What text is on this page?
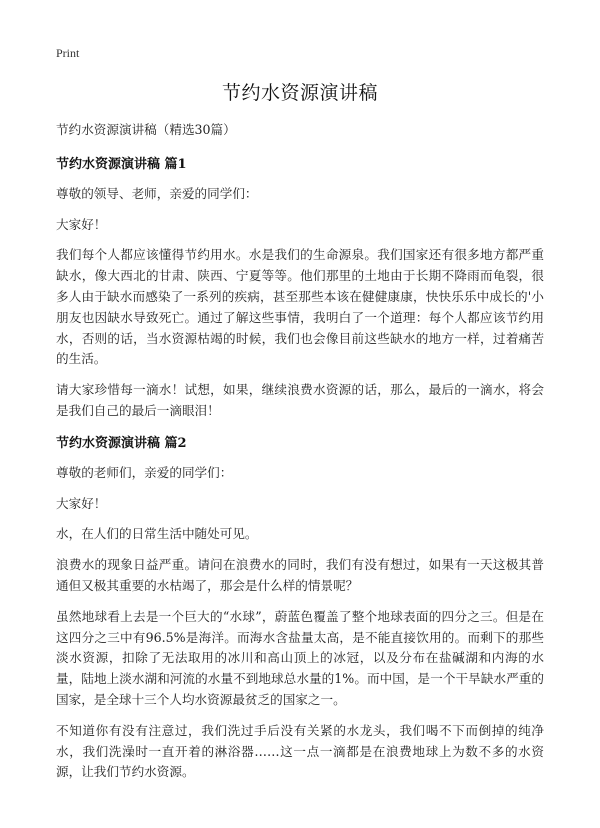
Print
节约水资源演讲稿

节约水资源演讲稿（精选30篇）

节约水资源演讲稿 篇1

尊敬的领导、老师，亲爱的同学们：

大家好！

我们每个人都应该懂得节约用水。水是我们的生命源泉。我们国家还有很多地方都严重缺水，像大西北的甘肃、陕西、宁夏等等。他们那里的土地由于长期不降雨而龟裂，很多人由于缺水而感染了一系列的疾病，甚至那些本该在健健康康，快快乐乐中成长的'小朋友也因缺水导致死亡。通过了解这些事情，我明白了一个道理：每个人都应该节约用水，否则的话，当水资源枯竭的时候，我们也会像目前这些缺水的地方一样，过着痛苦的生活。

请大家珍惜每一滴水！试想，如果，继续浪费水资源的话，那么，最后的一滴水，将会是我们自己的最后一滴眼泪！

节约水资源演讲稿 篇2

尊敬的老师们，亲爱的同学们：

大家好！

水，在人们的日常生活中随处可见。

浪费水的现象日益严重。请问在浪费水的同时，我们有没有想过，如果有一天这极其普通但又极其重要的水枯竭了，那会是什么样的情景呢？

虽然地球看上去是一个巨大的“水球”，蔚蓝色覆盖了整个地球表面的四分之三。但是在这四分之三中有96.5%是海洋。而海水含盐量太高，是不能直接饮用的。而剩下的那些淡水资源，扣除了无法取用的冰川和高山顶上的冰冠，以及分布在盐碱湖和内海的水量，陆地上淡水湖和河流的水量不到地球总水量的1%。而中国，是一个干旱缺水严重的国家，是全球十三个人均水资源最贫乏的国家之一。

不知道你有没有注意过，我们洗过手后没有关紧的水龙头，我们喝不下而倒掉的纯净水，我们洗澡时一直开着的淋浴器……这一点一滴都是在浪费地球上为数不多的水资源，让我们节约水资源。
